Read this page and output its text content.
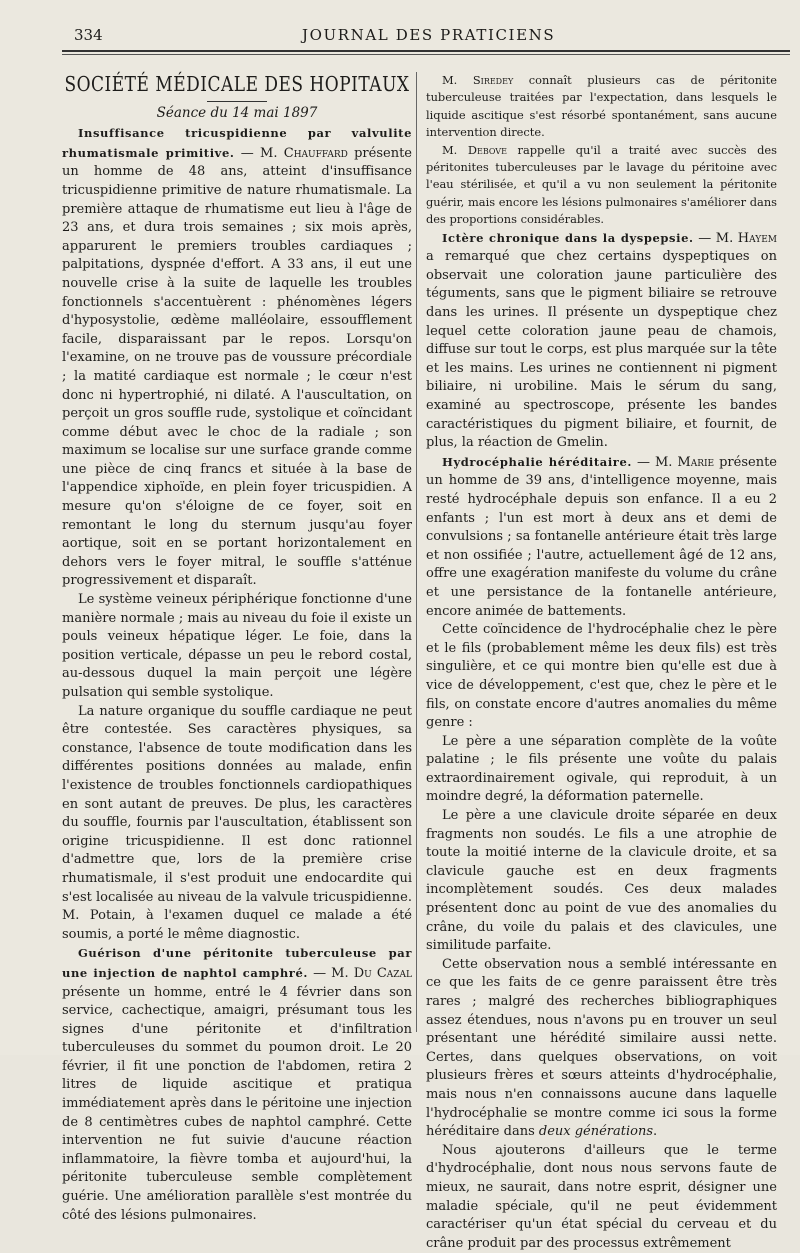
334	JOURNAL DES PRATICIENS
SOCIÉTÉ MÉDICALE DES HOPITAUX
Séance du 14 mai 1897

Insuffisance tricuspidienne par valvulite rhumatismale primitive. — M. Chauffard présente un homme de 48 ans, atteint d'insuffisance tricuspidienne primitive de nature rhumatismale. La première attaque de rhumatisme eut lieu à l'âge de 23 ans, et dura trois semaines ; six mois après, apparurent le premiers troubles cardiaques ; palpitations, dyspnée d'effort. A 33 ans, il eut une nouvelle crise à la suite de laquelle les troubles fonctionnels s'accentuèrent : phénomènes légers d'hyposystolie, œdème malléolaire, essoufflement facile, disparaissant par le repos. Lorsqu'on l'examine, on ne trouve pas de voussure précordiale ; la matité cardiaque est normale ; le cœur n'est donc ni hypertrophié, ni dilaté. A l'auscultation, on perçoit un gros souffle rude, systolique et coïncidant comme début avec le choc de la radiale ; son maximum se localise sur une surface grande comme une pièce de cinq francs et située à la base de l'appendice xiphoïde, en plein foyer tricuspidien. A mesure qu'on s'éloigne de ce foyer, soit en remontant le long du sternum jusqu'au foyer aortique, soit en se portant horizontalement en dehors vers le foyer mitral, le souffle s'atténue progressivement et disparaît.

Le système veineux périphérique fonctionne d'une manière normale ; mais au niveau du foie il existe un pouls veineux hépatique léger. Le foie, dans la position verticale, dépasse un peu le rebord costal, au-dessous duquel la main perçoit une légère pulsation qui semble systolique.

La nature organique du souffle cardiaque ne peut être contestée. Ses caractères physiques, sa constance, l'absence de toute modification dans les différentes positions données au malade, enfin l'existence de troubles fonctionnels cardiopathiques en sont autant de preuves. De plus, les caractères du souffle, fournis par l'auscultation, établissent son origine tricuspidienne. Il est donc rationnel d'admettre que, lors de la première crise rhumatismale, il s'est produit une endocardite qui s'est localisée au niveau de la valvule tricuspidienne. M. Potain, à l'examen duquel ce malade a été soumis, a porté le même diagnostic.

Guérison d'une péritonite tuberculeuse par une injection de naphtol camphré. — M. Du Cazal présente un homme, entré le 4 février dans son service, cachectique, amaigri, présumant tous les signes d'une péritonite et d'infiltration tuberculeuses du sommet du poumon droit. Le 20 février, il fit une ponction de l'abdomen, retira 2 litres de liquide ascitique et pratiqua immédiatement après dans le péritoine une injection de 8 centimètres cubes de naphtol camphré. Cette intervention ne fut suivie d'aucune réaction inflammatoire, la fièvre tomba et aujourd'hui, la péritonite tuberculeuse semble complètement guérie. Une amélioration parallèle s'est montrée du côté des lésions pulmonaires.

M. Siredey connaît plusieurs cas de péritonite tuberculeuse traitées par l'expectation, dans lesquels le liquide ascitique s'est résorbé spontanément, sans aucune intervention directe.

M. Debove rappelle qu'il a traité avec succès des péritonites tuberculeuses par le lavage du péritoine avec l'eau stérilisée, et qu'il a vu non seulement la péritonite guérir, mais encore les lésions pulmonaires s'améliorer dans des proportions considérables.

Ictère chronique dans la dyspepsie. — M. Hayem a remarqué que chez certains dyspeptiques on observait une coloration jaune particulière des téguments, sans que le pigment biliaire se retrouve dans les urines. Il présente un dyspeptique chez lequel cette coloration jaune peau de chamois, diffuse sur tout le corps, est plus marquée sur la tête et les mains. Les urines ne contiennent ni pigment biliaire, ni urobiline. Mais le sérum du sang, examiné au spectroscope, présente les bandes caractéristiques du pigment biliaire, et fournit, de plus, la réaction de Gmelin.

Hydrocéphalie héréditaire. — M. Marie présente un homme de 39 ans, d'intelligence moyenne, mais resté hydrocéphale depuis son enfance. Il a eu 2 enfants ; l'un est mort à deux ans et demi de convulsions ; sa fontanelle antérieure était très large et non ossifiée ; l'autre, actuellement âgé de 12 ans, offre une exagération manifeste du volume du crâne et une persistance de la fontanelle antérieure, encore animée de battements.

Cette coïncidence de l'hydrocéphalie chez le père et le fils (probablement même les deux fils) est très singulière, et ce qui montre bien qu'elle est due à vice de développement, c'est que, chez le père et le fils, on constate encore d'autres anomalies du même genre :

Le père a une séparation complète de la voûte palatine ; le fils présente une voûte du palais extraordinairement ogivale, qui reproduit, à un moindre degré, la déformation paternelle.

Le père a une clavicule droite séparée en deux fragments non soudés. Le fils a une atrophie de toute la moitié interne de la clavicule droite, et sa clavicule gauche est en deux fragments incomplètement soudés. Ces deux malades présentent donc au point de vue des anomalies du crâne, du voile du palais et des clavicules, une similitude parfaite.

Cette observation nous a semblé intéressante en ce que les faits de ce genre paraissent être très rares ; malgré des recherches bibliographiques assez étendues, nous n'avons pu en trouver un seul présentant une hérédité similaire aussi nette. Certes, dans quelques observations, on voit plusieurs frères et sœurs atteints d'hydrocéphalie, mais nous n'en connaissons aucune dans laquelle l'hydrocéphalie se montre comme ici sous la forme héréditaire dans deux générations.

Nous ajouterons d'ailleurs que le terme d'hydrocéphalie, dont nous nous servons faute de mieux, ne saurait, dans notre esprit, désigner une maladie spéciale, qu'il ne peut évidemment caractériser qu'un état spécial du cerveau et du crâne produit par des processus extrêmement
